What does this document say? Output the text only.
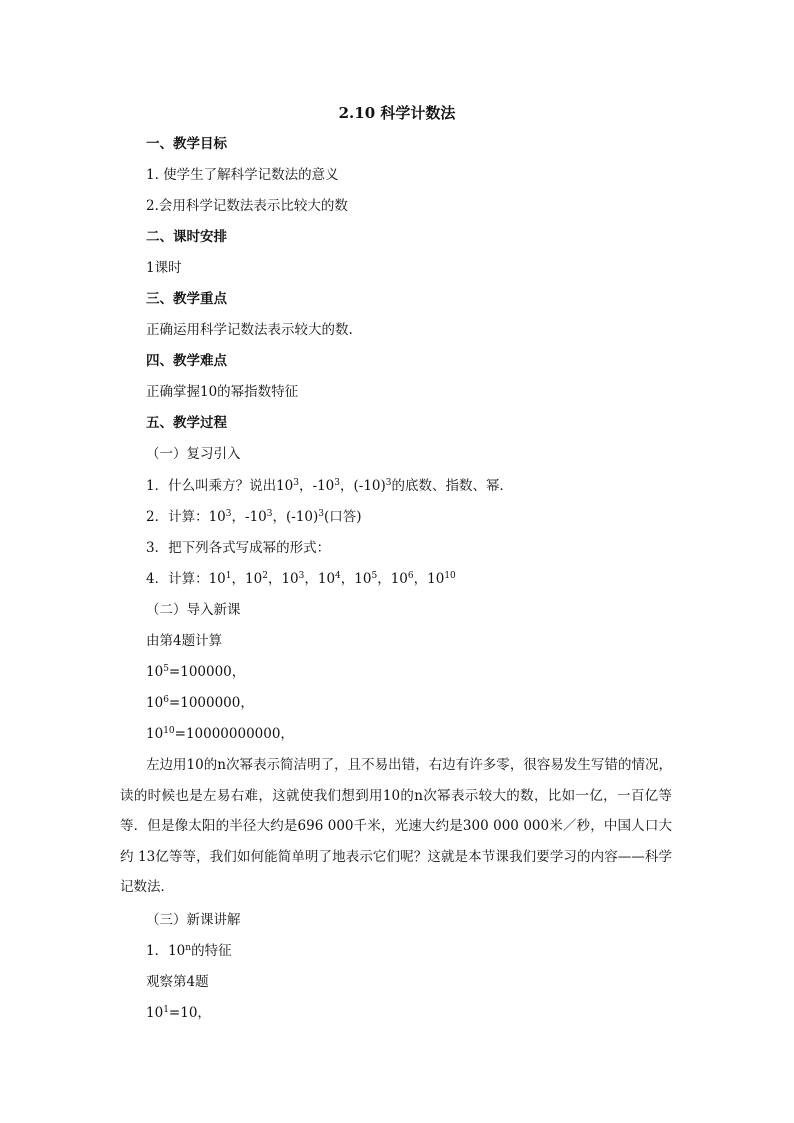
2.10 科学计数法
一、教学目标
1. 使学生了解科学记数法的意义
2.会用科学记数法表示比较大的数
二、课时安排
1课时
三、教学重点
正确运用科学记数法表示较大的数.
四、教学难点
正确掌握10的幂指数特征
五、教学过程
（一）复习引入
1．什么叫乘方？说出$10^3$，$-10^3$，$(-10)^3$的底数、指数、幂．
2．计算：$10^3$，$-10^3$，$(-10)^3$(口答)
3．把下列各式写成幂的形式：
4．计算：$10^1$，$10^2$，$10^3$，$10^4$，$10^5$，$10^6$，$10^{10}$
（二）导入新课
由第4题计算
$10^5=100000$，
$10^6=1000000$，
$10^{10}=10000000000$，
左边用10的n次幂表示简洁明了，且不易出错，右边有许多零，很容易发生写错的情况，读的时候也是左易右难，这就使我们想到用10的n次幂表示较大的数，比如一亿，一百亿等等．但是像太阳的半径大约是696 000千米，光速大约是300 000 000米／秒，中国人口大约 13亿等等，我们如何能简单明了地表示它们呢？这就是本节课我们要学习的内容——科学记数法．
（三）新课讲解
1．10$^n$的特征
观察第4题
$10^1=10$，
